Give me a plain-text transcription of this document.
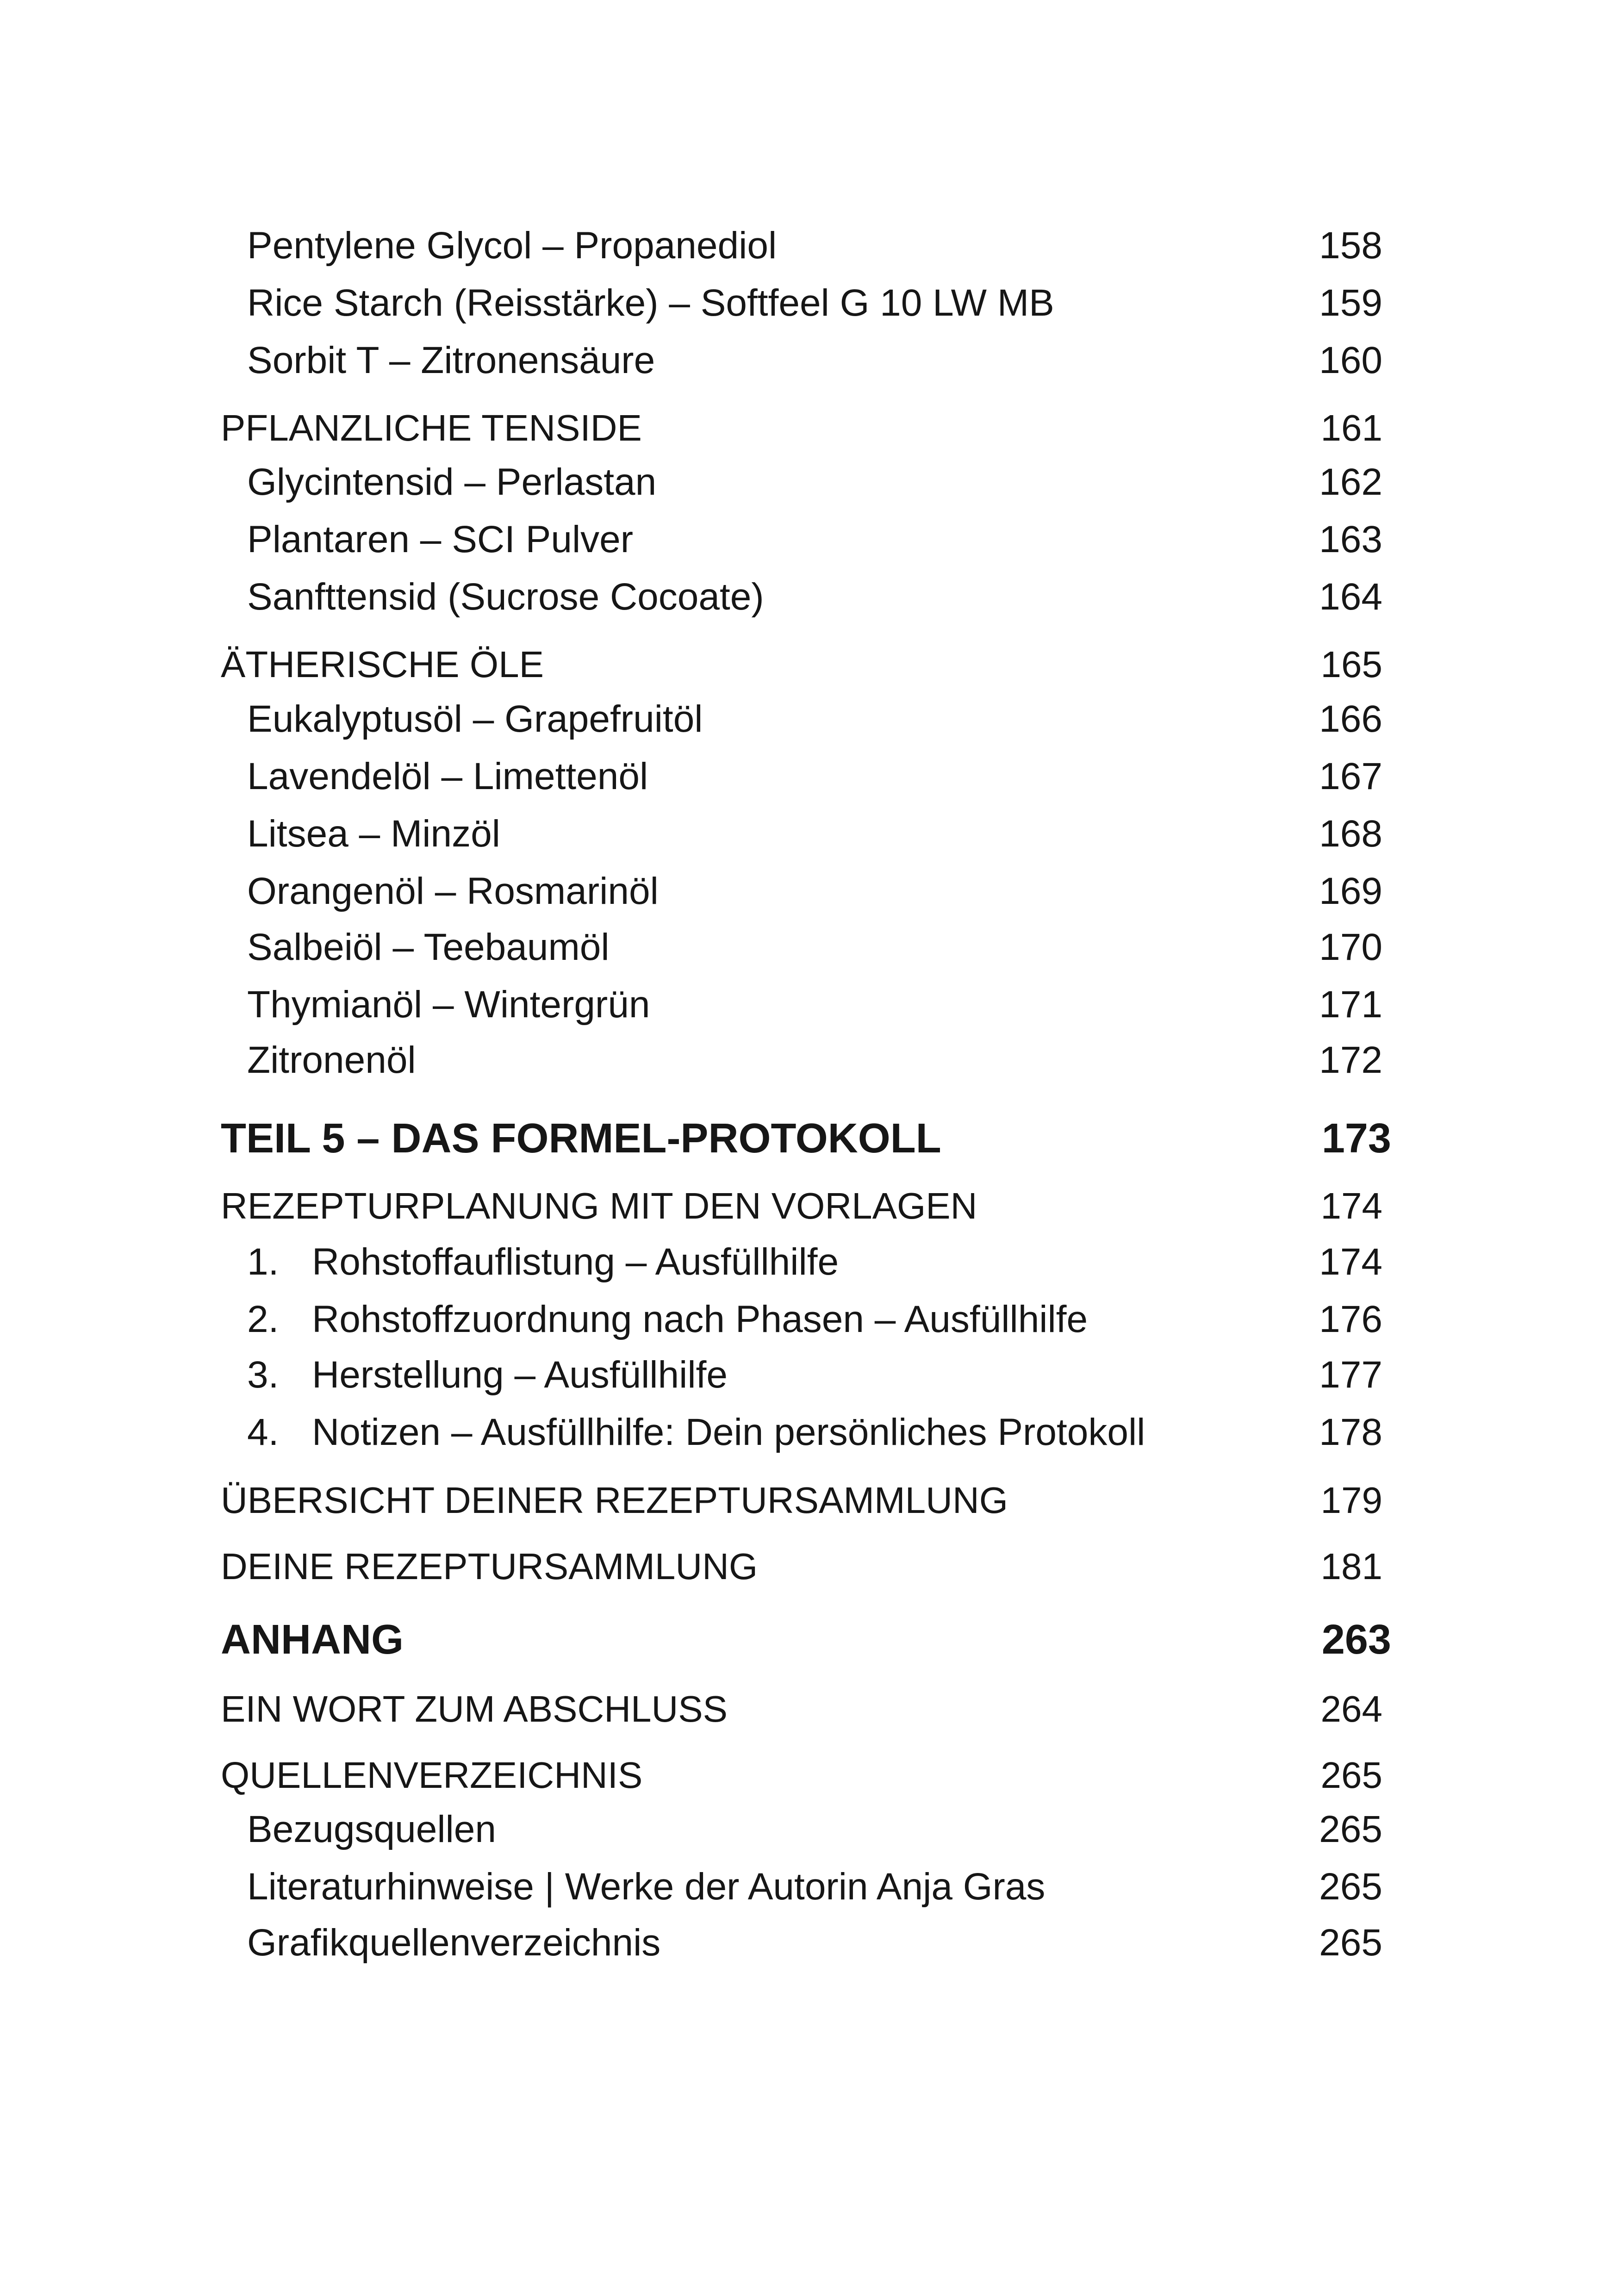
Pentylene Glycol – Propanediol	158
Rice Starch (Reisstärke) – Softfeel G 10 LW MB	159
Sorbit T – Zitronensäure	160
PFLANZLICHE TENSIDE	161
Glycintensid – Perlastan	162
Plantaren – SCI Pulver	163
Sanfttensid (Sucrose Cocoate)	164
ÄTHERISCHE ÖLE	165
Eukalyptusöl – Grapefruitöl	166
Lavendelöl – Limettenöl	167
Litsea – Minzöl	168
Orangenöl – Rosmarinöl	169
Salbeiöl – Teebaumöl	170
Thymianöl – Wintergrün	171
Zitronenöl	172
TEIL 5 – DAS FORMEL-PROTOKOLL	173
REZEPTURPLANUNG MIT DEN VORLAGEN	174
1. Rohstoffauflistung – Ausfüllhilfe	174
2. Rohstoffzuordnung nach Phasen – Ausfüllhilfe	176
3. Herstellung – Ausfüllhilfe	177
4. Notizen – Ausfüllhilfe: Dein persönliches Protokoll	178
ÜBERSICHT DEINER REZEPTURSAMMLUNG	179
DEINE REZEPTURSAMMLUNG	181
ANHANG	263
EIN WORT ZUM ABSCHLUSS	264
QUELLENVERZEICHNIS	265
Bezugsquellen	265
Literaturhinweise | Werke der Autorin Anja Gras	265
Grafikquellenverzeichnis	265
